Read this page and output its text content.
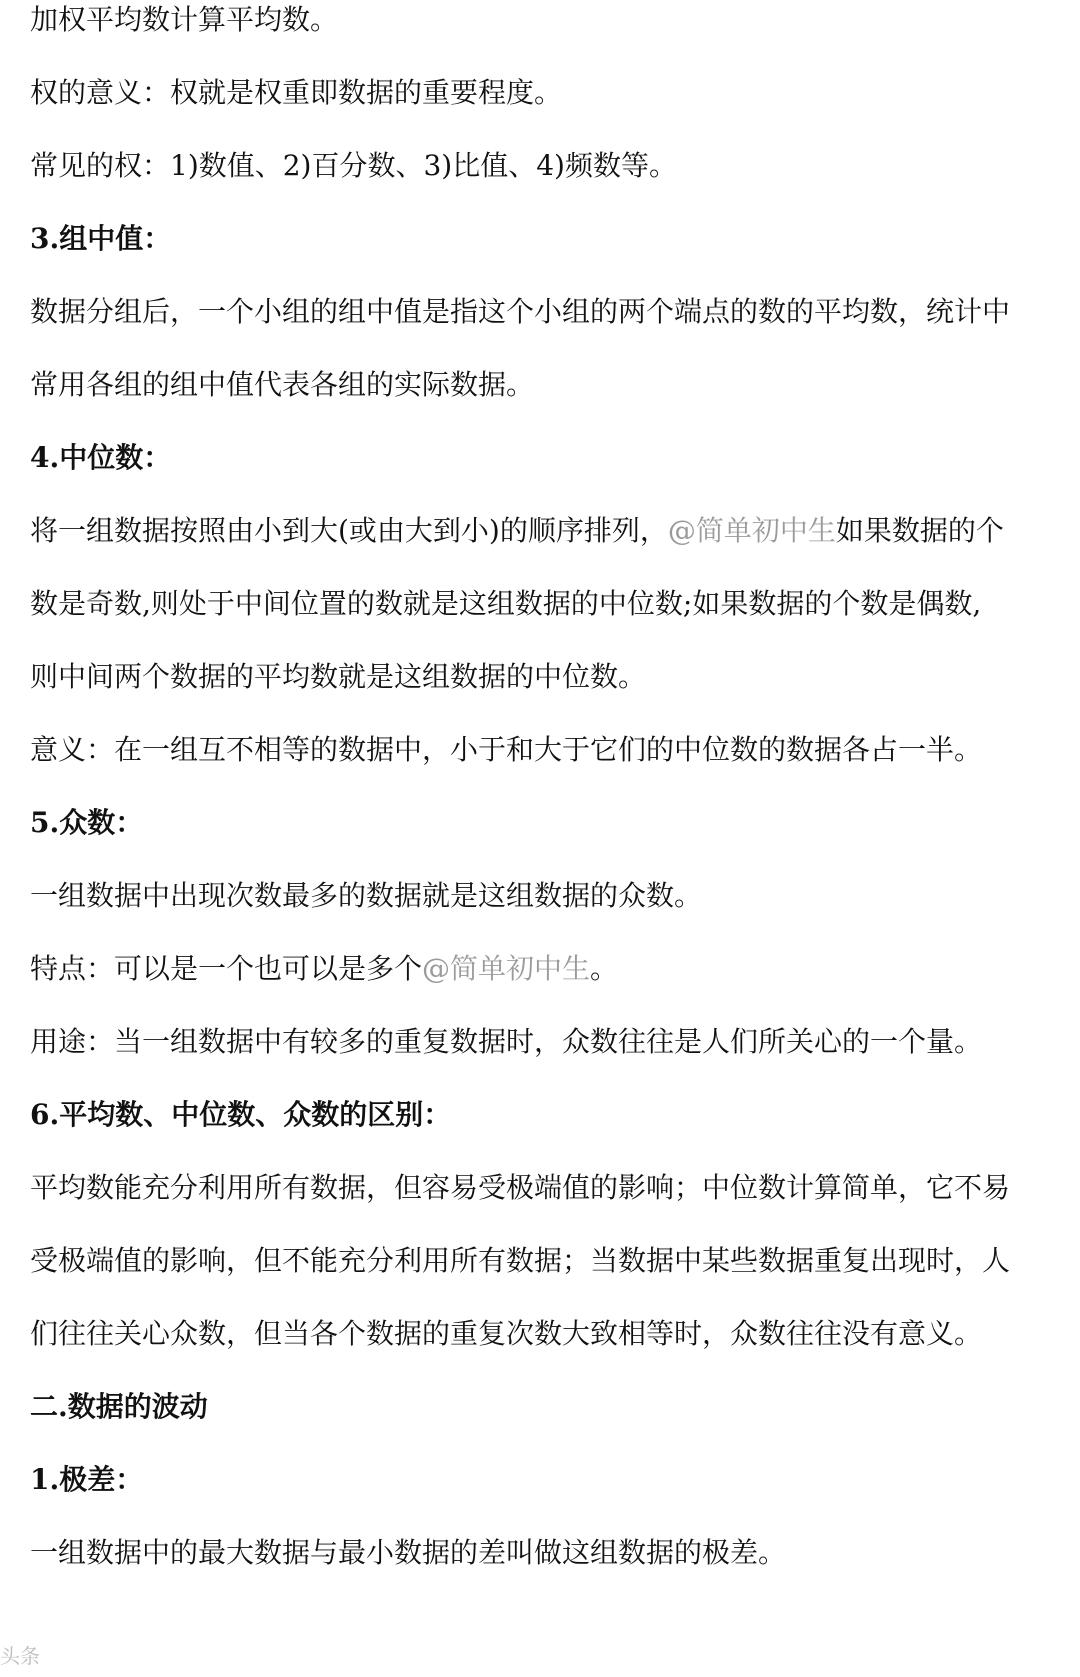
加权平均数计算平均数。
权的意义：权就是权重即数据的重要程度。
常见的权：1)数值、2)百分数、3)比值、4)频数等。
3.组中值：
数据分组后，一个小组的组中值是指这个小组的两个端点的数的平均数，统计中
常用各组的组中值代表各组的实际数据。
4.中位数：
将一组数据按照由小到大(或由大到小)的顺序排列，@简单初中生如果数据的个
数是奇数,则处于中间位置的数就是这组数据的中位数;如果数据的个数是偶数,
则中间两个数据的平均数就是这组数据的中位数。
意义：在一组互不相等的数据中，小于和大于它们的中位数的数据各占一半。
5.众数：
一组数据中出现次数最多的数据就是这组数据的众数。
特点：可以是一个也可以是多个@简单初中生。
用途：当一组数据中有较多的重复数据时，众数往往是人们所关心的一个量。
6.平均数、中位数、众数的区别：
平均数能充分利用所有数据，但容易受极端值的影响；中位数计算简单，它不易
受极端值的影响，但不能充分利用所有数据；当数据中某些数据重复出现时，人
们往往关心众数，但当各个数据的重复次数大致相等时，众数往往没有意义。
二.数据的波动
1.极差：
一组数据中的最大数据与最小数据的差叫做这组数据的极差。
头条
